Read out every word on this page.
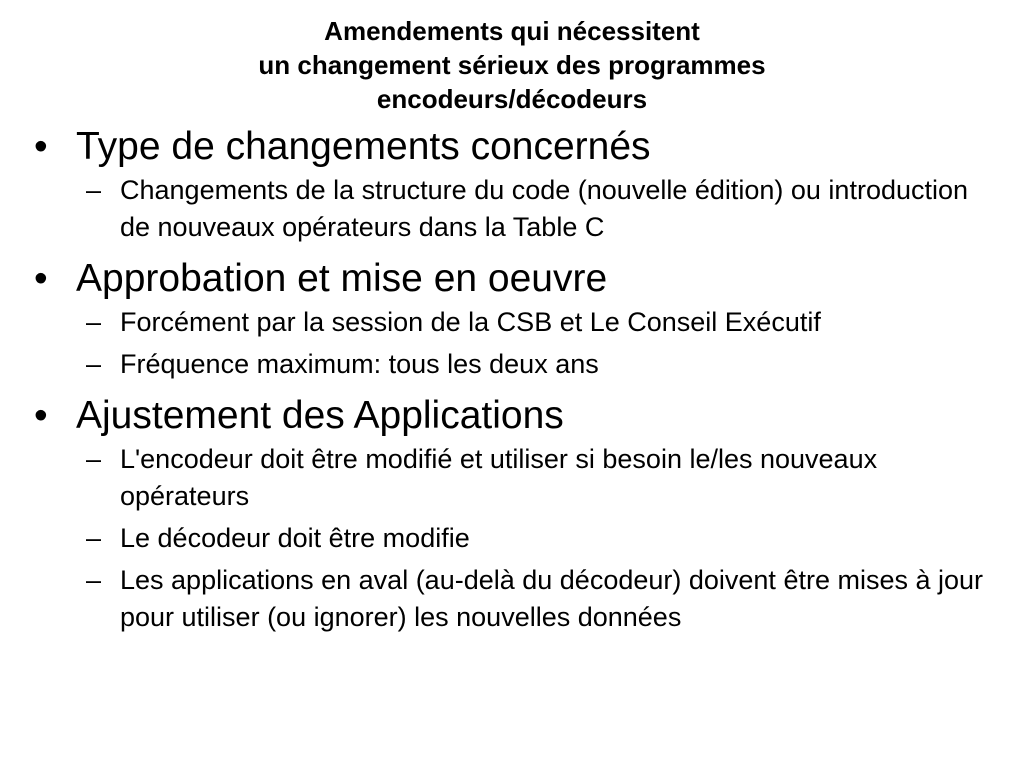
Amendements qui nécessitent
un changement sérieux des programmes
encodeurs/décodeurs
• Type de changements concernés
– Changements de la structure du code (nouvelle édition) ou introduction de nouveaux opérateurs dans la Table C
• Approbation et mise en oeuvre
– Forcément par la session de la CSB et Le Conseil Exécutif
– Fréquence maximum: tous les deux ans
• Ajustement des Applications
– L'encodeur doit être modifié et utiliser si besoin le/les nouveaux opérateurs
– Le décodeur doit être modifie
– Les applications en aval (au-delà du décodeur) doivent être mises à jour pour utiliser (ou ignorer) les nouvelles données
